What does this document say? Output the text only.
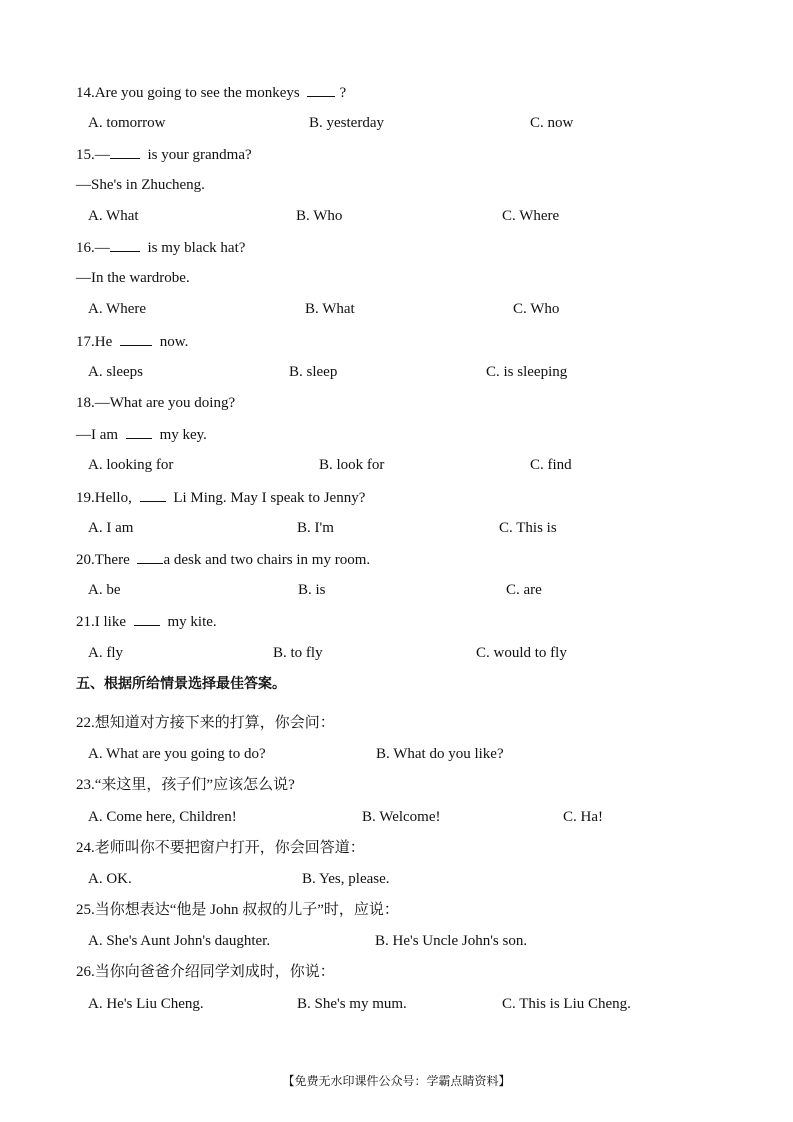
14.Are you going to see the monkeys ?
A. tomorrow	B. yesterday	C. now
15.— is your grandma?
—She's in Zhucheng.
A. What	B. Who	C. Where
16.— is my black hat?
—In the wardrobe.
A. Where	B. What	C. Who
17.He	now.
A. sleeps	B. sleep	C. is sleeping
18.—What are you doing?
—I am  my key.
A. looking for	B. look for	C. find
19.Hello,  Li Ming. May I speak to Jenny?
A. I am	B. I'm	C. This is
20.There a desk and two chairs in my room.
A. be	B. is	C. are
21.I like  my kite.
A. fly	B. to fly	C. would to fly
五、根据所给情景选择最佳答案。
22.想知道对方接下来的打算，你会问：
A. What are you going to do?	B. What do you like?
23.“来这里，孩子们”应该怎么说?
A. Come here, Children!	B. Welcome!	C. Ha!
24.老师叫你不要把窗户打开，你会回答道：
A. OK.	B. Yes, please.
25.当你想表达“他是 John 叔叔的儿子”时，应说：
A. She's Aunt John's daughter.	B. He's Uncle John's son.
26.当你向爸爸介绍同学刘成时，你说：
A. He's Liu Cheng.	B. She's my mum.	C. This is Liu Cheng.
【免费无水印课件公众号：学霸点睛资料】
